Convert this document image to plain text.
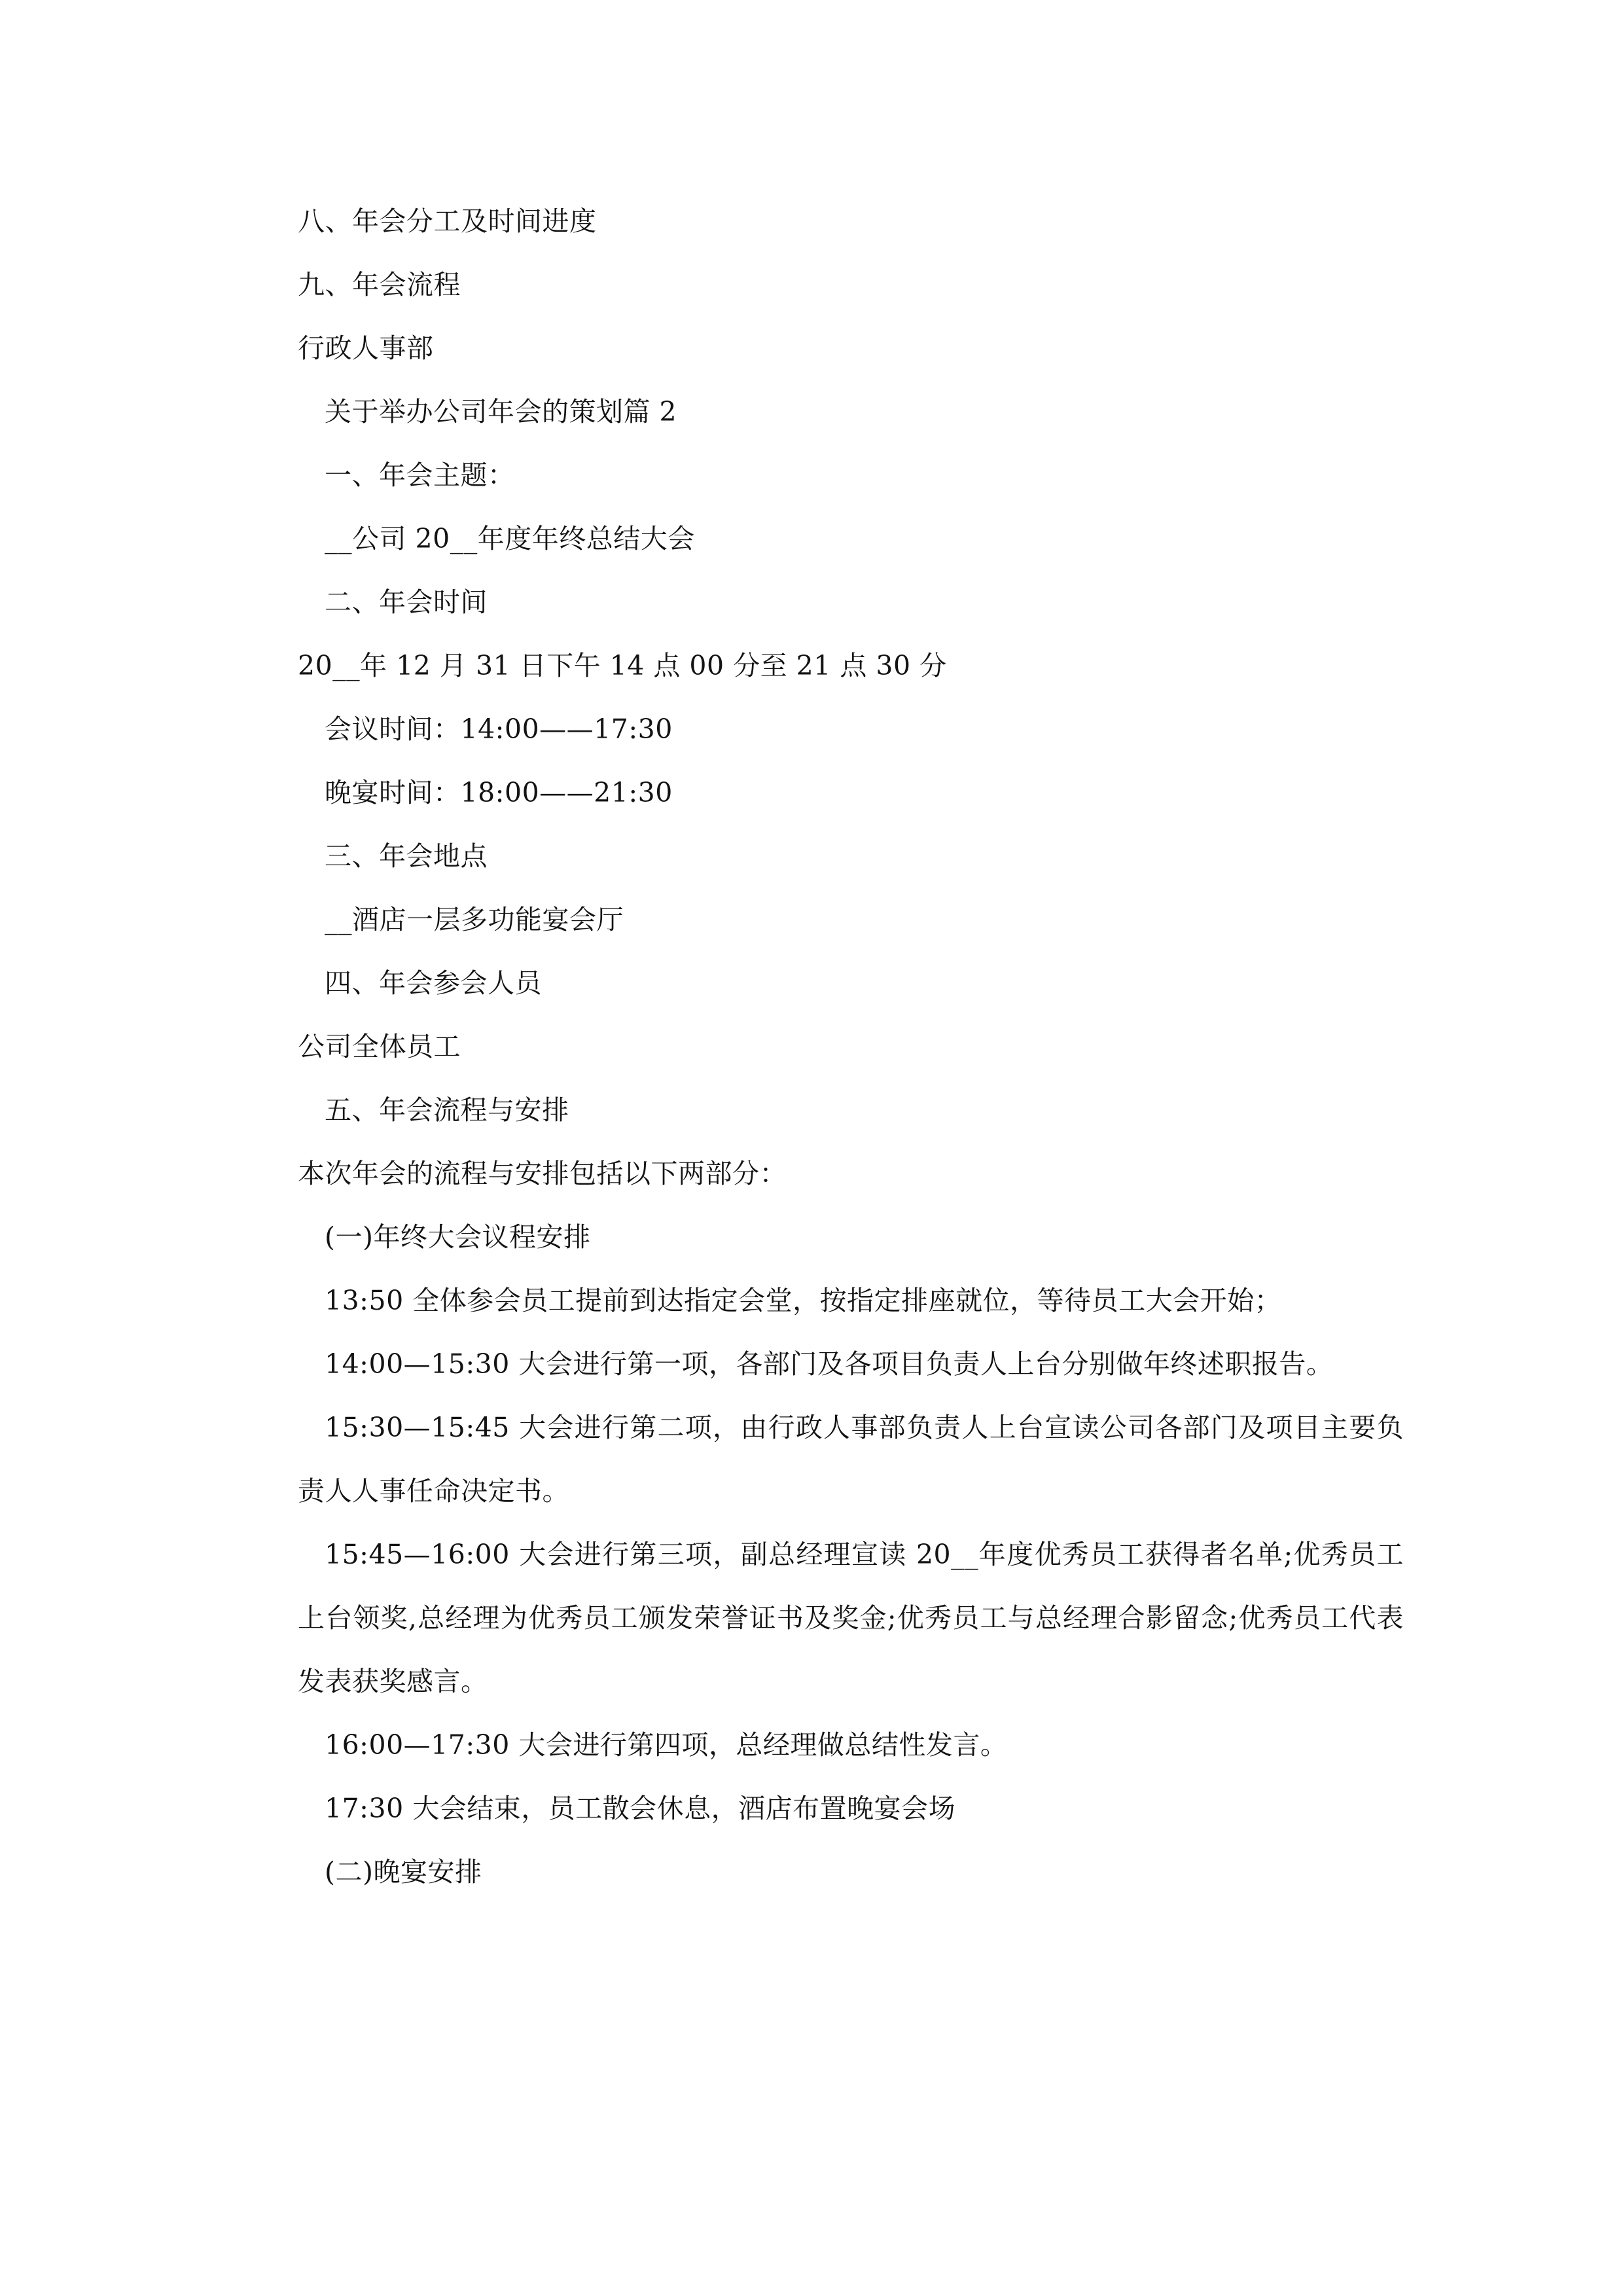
八、年会分工及时间进度

九、年会流程

行政人事部

关于举办公司年会的策划篇 2

一、年会主题：

__公司 20__年度年终总结大会

二、年会时间

20__年 12 月 31 日下午 14 点 00 分至 21 点 30 分

会议时间：14:00——17:30

晚宴时间：18:00——21:30

三、年会地点

__酒店一层多功能宴会厅

四、年会参会人员

公司全体员工

五、年会流程与安排

本次年会的流程与安排包括以下两部分：

(一)年终大会议程安排

13:50 全体参会员工提前到达指定会堂，按指定排座就位，等待员工大会开始；

14:00—15:30 大会进行第一项，各部门及各项目负责人上台分别做年终述职报告。

15:30—15:45 大会进行第二项，由行政人事部负责人上台宣读公司各部门及项目主要负责人人事任命决定书。

15:45—16:00 大会进行第三项，副总经理宣读 20__年度优秀员工获得者名单;优秀员工上台领奖,总经理为优秀员工颁发荣誉证书及奖金;优秀员工与总经理合影留念;优秀员工代表发表获奖感言。

16:00—17:30 大会进行第四项，总经理做总结性发言。

17:30 大会结束，员工散会休息，酒店布置晚宴会场

(二)晚宴安排
